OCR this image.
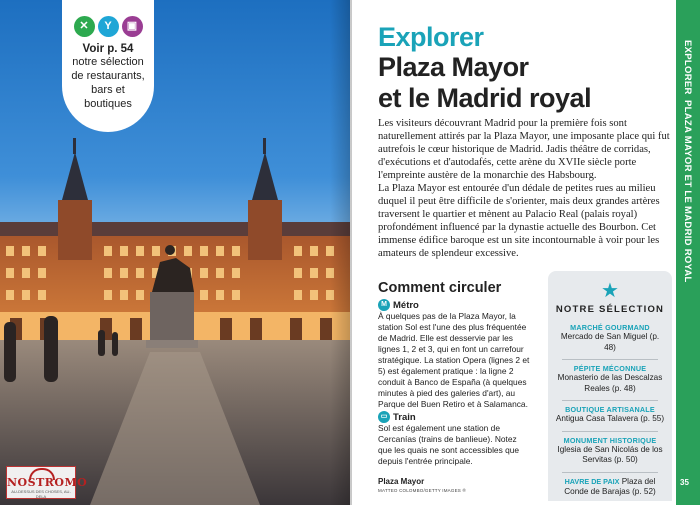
✕	Y	▣
Voir p. 54
notre sélection
de restaurants,
bars et
boutiques
NOSTROMO
AU-DESSUS DES CHOSES, AU-DELA
Explorer
Plaza Mayor
et le Madrid royal

Les visiteurs découvrant Madrid pour la première fois sont naturellement attirés par la Plaza Mayor, une imposante place qui fut autrefois le cœur historique de Madrid. Jadis théâtre de corridas, d'exécutions et d'autodafés, cette arène du XVIIe siècle porte l'empreinte austère de la monarchie des Habsbourg.

La Plaza Mayor est entourée d'un dédale de petites rues au milieu duquel il peut être difficile de s'orienter, mais deux grandes artères traversent le quartier et mènent au Palacio Real (palais royal) profondément influencé par la dynastie actuelle des Bourbon. Cet immense édifice baroque est un site incontournable à voir pour les amateurs de splendeur excessive.

Comment circuler
M Métro
À quelques pas de la Plaza Mayor, la station Sol est l'une des plus fréquentée de Madrid. Elle est desservie par les lignes 1, 2 et 3, qui en font un carrefour stratégique. La station Opera (lignes 2 et 5) est également pratique : la ligne 2 conduit à Banco de España (à quelques minutes à pied des galeries d'art), au Parque del Buen Retiro et à Salamanca.
▭ Train
Sol est également une station de Cercanías (trains de banlieue). Notez que les quais ne sont accessibles que depuis l'entrée principale.
Plaza Mayor
MATTEO COLOMBO/GETTY IMAGES ®
★
NOTRE SÉLECTION
MARCHÉ GOURMAND
Mercado de San Miguel (p. 48)
PÉPITE MÉCONNUE
Monasterio de las Descalzas Reales (p. 48)
BOUTIQUE ARTISANALE
Antigua Casa Talavera (p. 55)
MONUMENT HISTORIQUE
Iglesia de San Nicolás de los Servitas (p. 50)
HAVRE DE PAIX Plaza del Conde de Barajas (p. 52)
EXPLORER
PLAZA MAYOR ET LE MADRID ROYAL
35
